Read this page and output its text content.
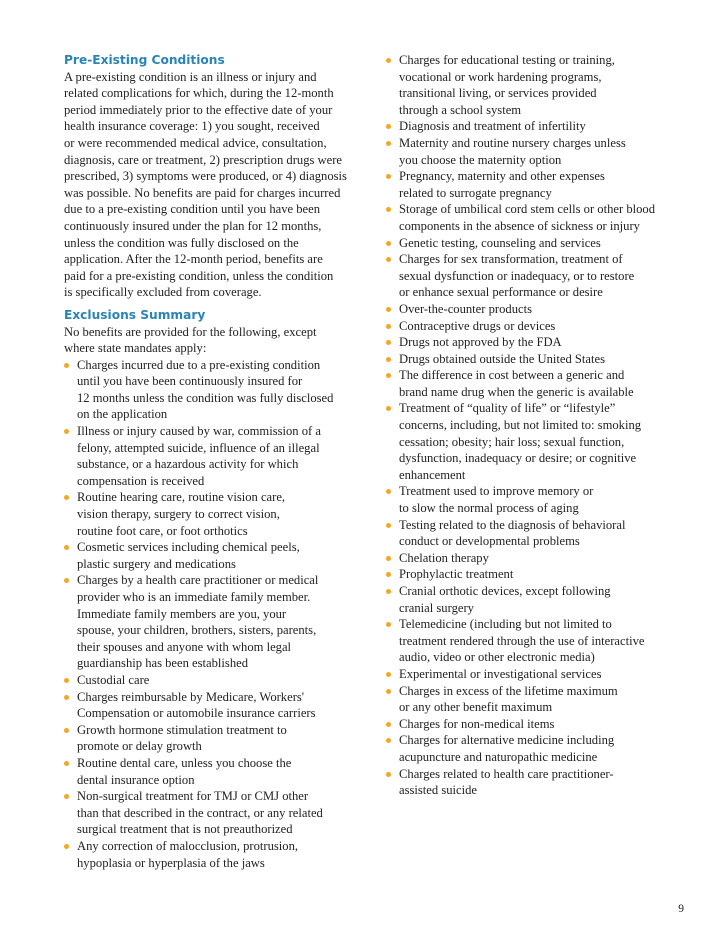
Pre-Existing Conditions
A pre-existing condition is an illness or injury and
related complications for which, during the 12-month
period immediately prior to the effective date of your
health insurance coverage: 1) you sought, received
or were recommended medical advice, consultation,
diagnosis, care or treatment, 2) prescription drugs were
prescribed, 3) symptoms were produced, or 4) diagnosis
was possible. No benefits are paid for charges incurred
due to a pre-existing condition until you have been
continuously insured under the plan for 12 months,
unless the condition was fully disclosed on the
application. After the 12-month period, benefits are
paid for a pre-existing condition, unless the condition
is specifically excluded from coverage.
Exclusions Summary
No benefits are provided for the following, except
where state mandates apply:
Charges incurred due to a pre-existing condition
until you have been continuously insured for
12 months unless the condition was fully disclosed
on the application
Illness or injury caused by war, commission of a
felony, attempted suicide, influence of an illegal
substance, or a hazardous activity for which
compensation is received
Routine hearing care, routine vision care,
vision therapy, surgery to correct vision,
routine foot care, or foot orthotics
Cosmetic services including chemical peels,
plastic surgery and medications
Charges by a health care practitioner or medical
provider who is an immediate family member.
Immediate family members are you, your
spouse, your children, brothers, sisters, parents,
their spouses and anyone with whom legal
guardianship has been established
Custodial care
Charges reimbursable by Medicare, Workers'
Compensation or automobile insurance carriers
Growth hormone stimulation treatment to
promote or delay growth
Routine dental care, unless you choose the
dental insurance option
Non-surgical treatment for TMJ or CMJ other
than that described in the contract, or any related
surgical treatment that is not preauthorized
Any correction of malocclusion, protrusion,
hypoplasia or hyperplasia of the jaws
Charges for educational testing or training,
vocational or work hardening programs,
transitional living, or services provided
through a school system
Diagnosis and treatment of infertility
Maternity and routine nursery charges unless
you choose the maternity option
Pregnancy, maternity and other expenses
related to surrogate pregnancy
Storage of umbilical cord stem cells or other blood
components in the absence of sickness or injury
Genetic testing, counseling and services
Charges for sex transformation, treatment of
sexual dysfunction or inadequacy, or to restore
or enhance sexual performance or desire
Over-the-counter products
Contraceptive drugs or devices
Drugs not approved by the FDA
Drugs obtained outside the United States
The difference in cost between a generic and
brand name drug when the generic is available
Treatment of “quality of life” or “lifestyle”
concerns, including, but not limited to: smoking
cessation; obesity; hair loss; sexual function,
dysfunction, inadequacy or desire; or cognitive
enhancement
Treatment used to improve memory or
to slow the normal process of aging
Testing related to the diagnosis of behavioral
conduct or developmental problems
Chelation therapy
Prophylactic treatment
Cranial orthotic devices, except following
cranial surgery
Telemedicine (including but not limited to
treatment rendered through the use of interactive
audio, video or other electronic media)
Experimental or investigational services
Charges in excess of the lifetime maximum
or any other benefit maximum
Charges for non-medical items
Charges for alternative medicine including
acupuncture and naturopathic medicine
Charges related to health care practitioner-
assisted suicide
9
